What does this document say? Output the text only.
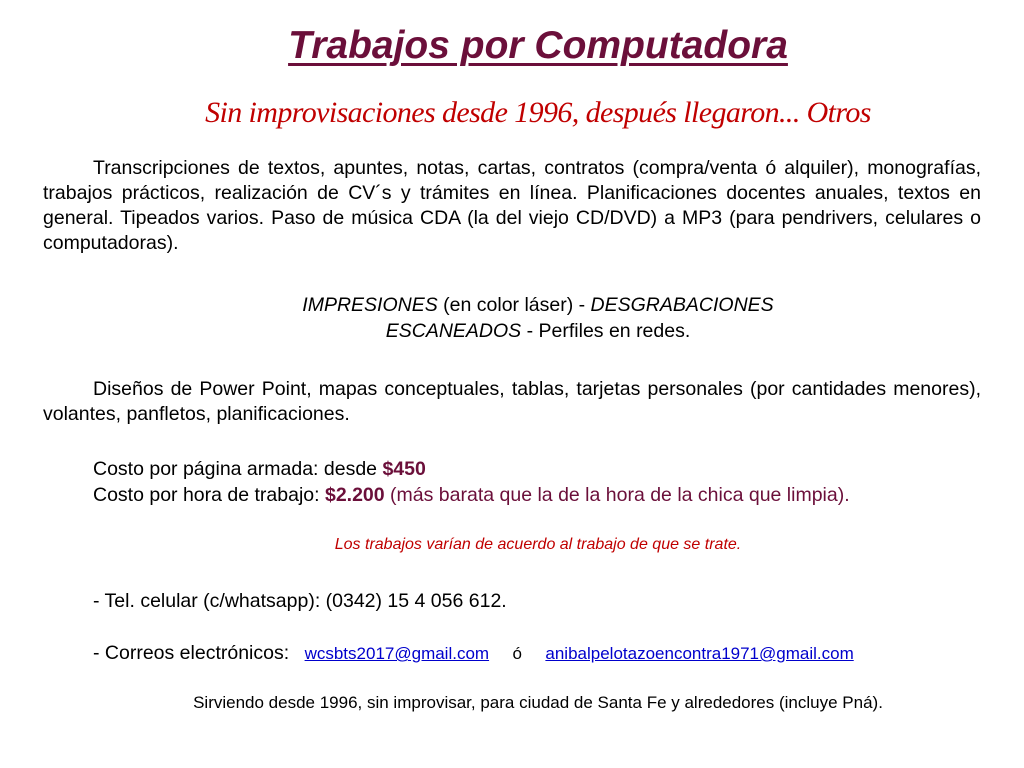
Trabajos por Computadora
Sin improvisaciones desde 1996, después llegaron... Otros
Transcripciones de textos, apuntes, notas, cartas, contratos (compra/venta ó alquiler), monografías, trabajos prácticos, realización de CV´s y trámites en línea. Planificaciones docentes anuales, textos en general. Tipeados varios. Paso de música CDA (la del viejo CD/DVD) a MP3 (para pendrivers, celulares o computadoras).
IMPRESIONES (en color láser) - DESGRABACIONES
ESCANEADOS - Perfiles en redes.
Diseños de Power Point, mapas conceptuales, tablas, tarjetas personales (por cantidades menores), volantes, panfletos, planificaciones.
Costo por página armada: desde $450
Costo por hora de trabajo: $2.200 (más barata que la de la hora de la chica que limpia).
Los trabajos varían de acuerdo al trabajo de que se trate.
- Tel. celular (c/whatsapp): (0342) 15 4 056 612.
- Correos electrónicos: wcsbts2017@gmail.com ó anibalpelotazoencontra1971@gmail.com
Sirviendo desde 1996, sin improvisar, para ciudad de Santa Fe y alrededores (incluye Pná).
